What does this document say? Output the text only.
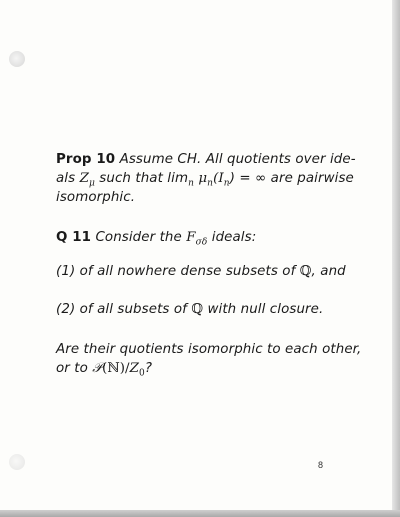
Prop 10 Assume CH. All quotients over ide-
als $Z_\mu$ such that $\lim_n \mu_n(I_n)$ = ∞ are pairwise
isomorphic.
Q 11 Consider the $F_{\sigma\delta}$ ideals:
(1) of all nowhere dense subsets of ℚ, and
(2) of all subsets of ℚ with null closure.
Are their quotients isomorphic to each other,
or to $𝒫(ℕ)/Z_0$?
8
